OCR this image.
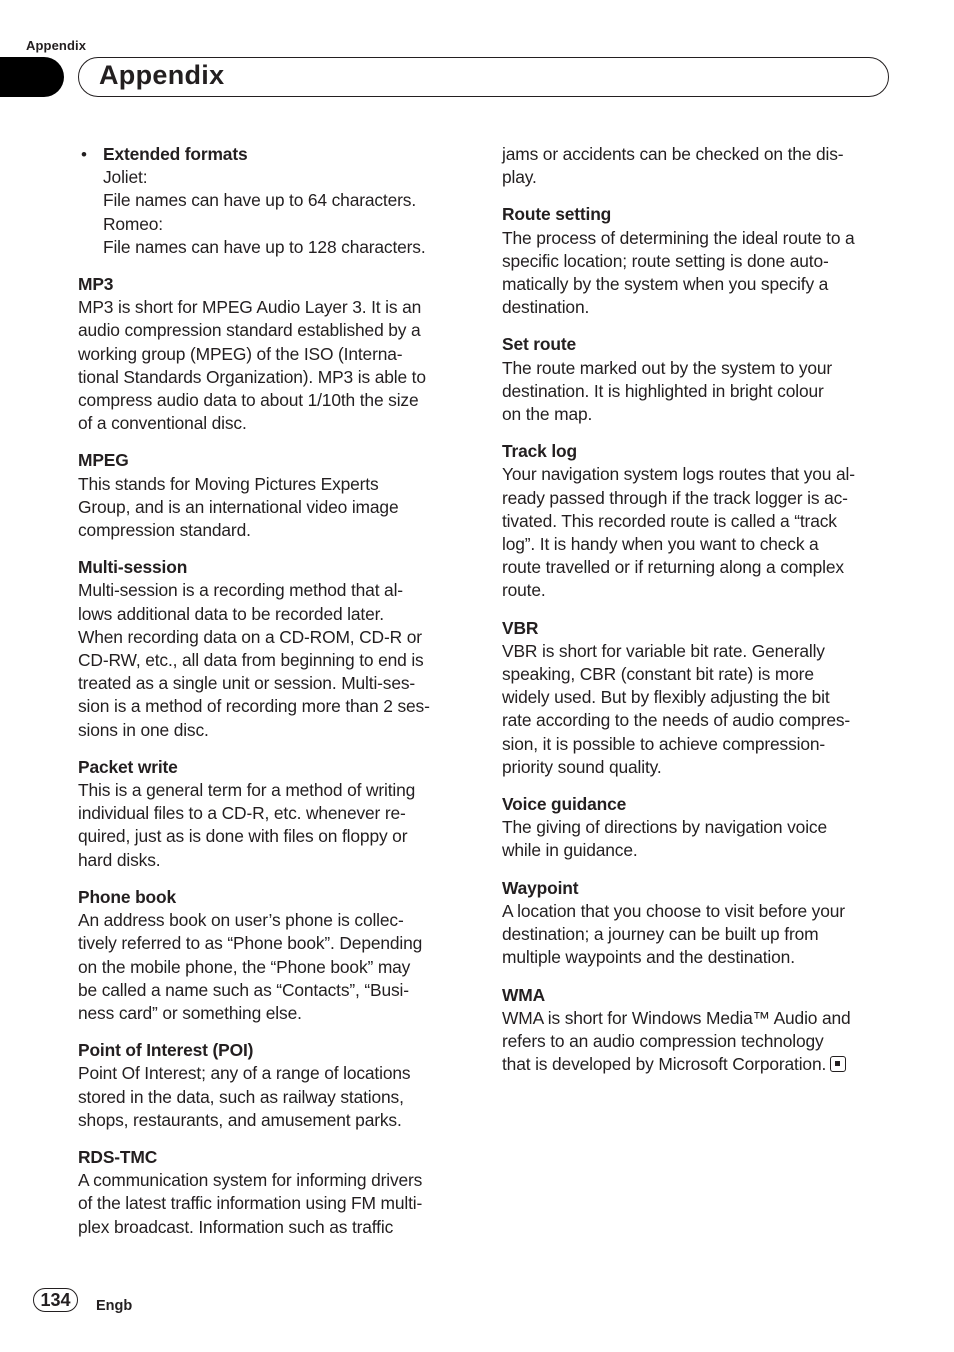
Appendix
Appendix
• Extended formats
Joliet:
File names can have up to 64 characters.
Romeo:
File names can have up to 128 characters.
MP3
MP3 is short for MPEG Audio Layer 3. It is an
audio compression standard established by a
working group (MPEG) of the ISO (Interna-
tional Standards Organization). MP3 is able to
compress audio data to about 1/10th the size
of a conventional disc.
MPEG
This stands for Moving Pictures Experts
Group, and is an international video image
compression standard.
Multi-session
Multi-session is a recording method that al-
lows additional data to be recorded later.
When recording data on a CD-ROM, CD-R or
CD-RW, etc., all data from beginning to end is
treated as a single unit or session. Multi-ses-
sion is a method of recording more than 2 ses-
sions in one disc.
Packet write
This is a general term for a method of writing
individual files to a CD-R, etc. whenever re-
quired, just as is done with files on floppy or
hard disks.
Phone book
An address book on user’s phone is collec-
tively referred to as “Phone book”. Depending
on the mobile phone, the “Phone book” may
be called a name such as “Contacts”, “Busi-
ness card” or something else.
Point of Interest (POI)
Point Of Interest; any of a range of locations
stored in the data, such as railway stations,
shops, restaurants, and amusement parks.
RDS-TMC
A communication system for informing drivers
of the latest traffic information using FM multi-
plex broadcast. Information such as traffic
jams or accidents can be checked on the dis-
play.
Route setting
The process of determining the ideal route to a
specific location; route setting is done auto-
matically by the system when you specify a
destination.
Set route
The route marked out by the system to your
destination. It is highlighted in bright colour
on the map.
Track log
Your navigation system logs routes that you al-
ready passed through if the track logger is ac-
tivated. This recorded route is called a “track
log”. It is handy when you want to check a
route travelled or if returning along a complex
route.
VBR
VBR is short for variable bit rate. Generally
speaking, CBR (constant bit rate) is more
widely used. But by flexibly adjusting the bit
rate according to the needs of audio compres-
sion, it is possible to achieve compression-
priority sound quality.
Voice guidance
The giving of directions by navigation voice
while in guidance.
Waypoint
A location that you choose to visit before your
destination; a journey can be built up from
multiple waypoints and the destination.
WMA
WMA is short for Windows Media™ Audio and
refers to an audio compression technology
that is developed by Microsoft Corporation.
134	Engb
